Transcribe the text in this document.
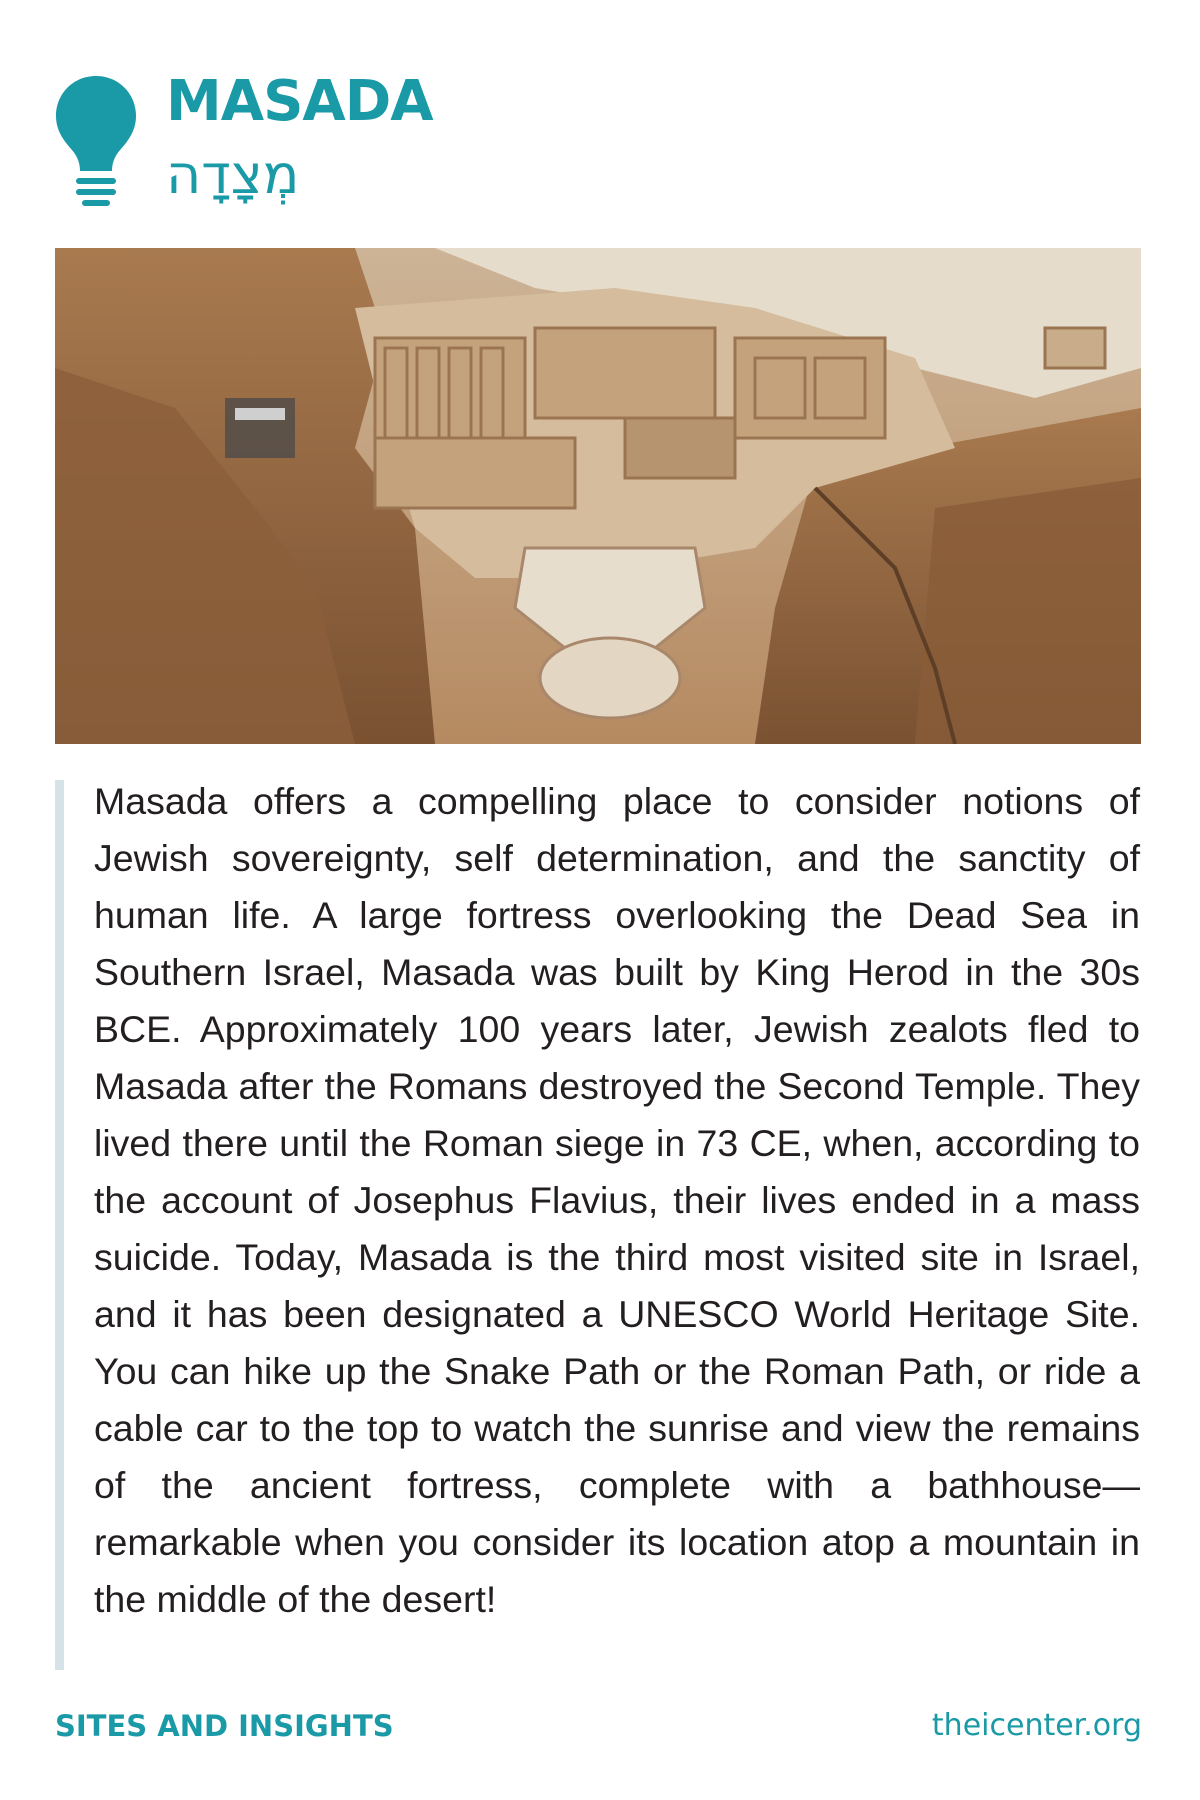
MASADA
מְצָדָה

Masada offers a compelling place to consider notions of Jewish sovereignty, self determination, and the sanctity of human life. A large fortress overlooking the Dead Sea in Southern Israel, Masada was built by King Herod in the 30s BCE. Approximately 100 years later, Jewish zealots fled to Masada after the Romans destroyed the Second Temple. They lived there until the Roman siege in 73 CE, when, according to the account of Josephus Flavius, their lives ended in a mass suicide. Today, Masada is the third most visited site in Israel, and it has been designated a UNESCO World Heritage Site. You can hike up the Snake Path or the Roman Path, or ride a cable car to the top to watch the sunrise and view the remains of the ancient fortress, complete with a bathhouse—remarkable when you consider its location atop a mountain in the middle of the desert!

SITES AND INSIGHTS	theicenter.org
